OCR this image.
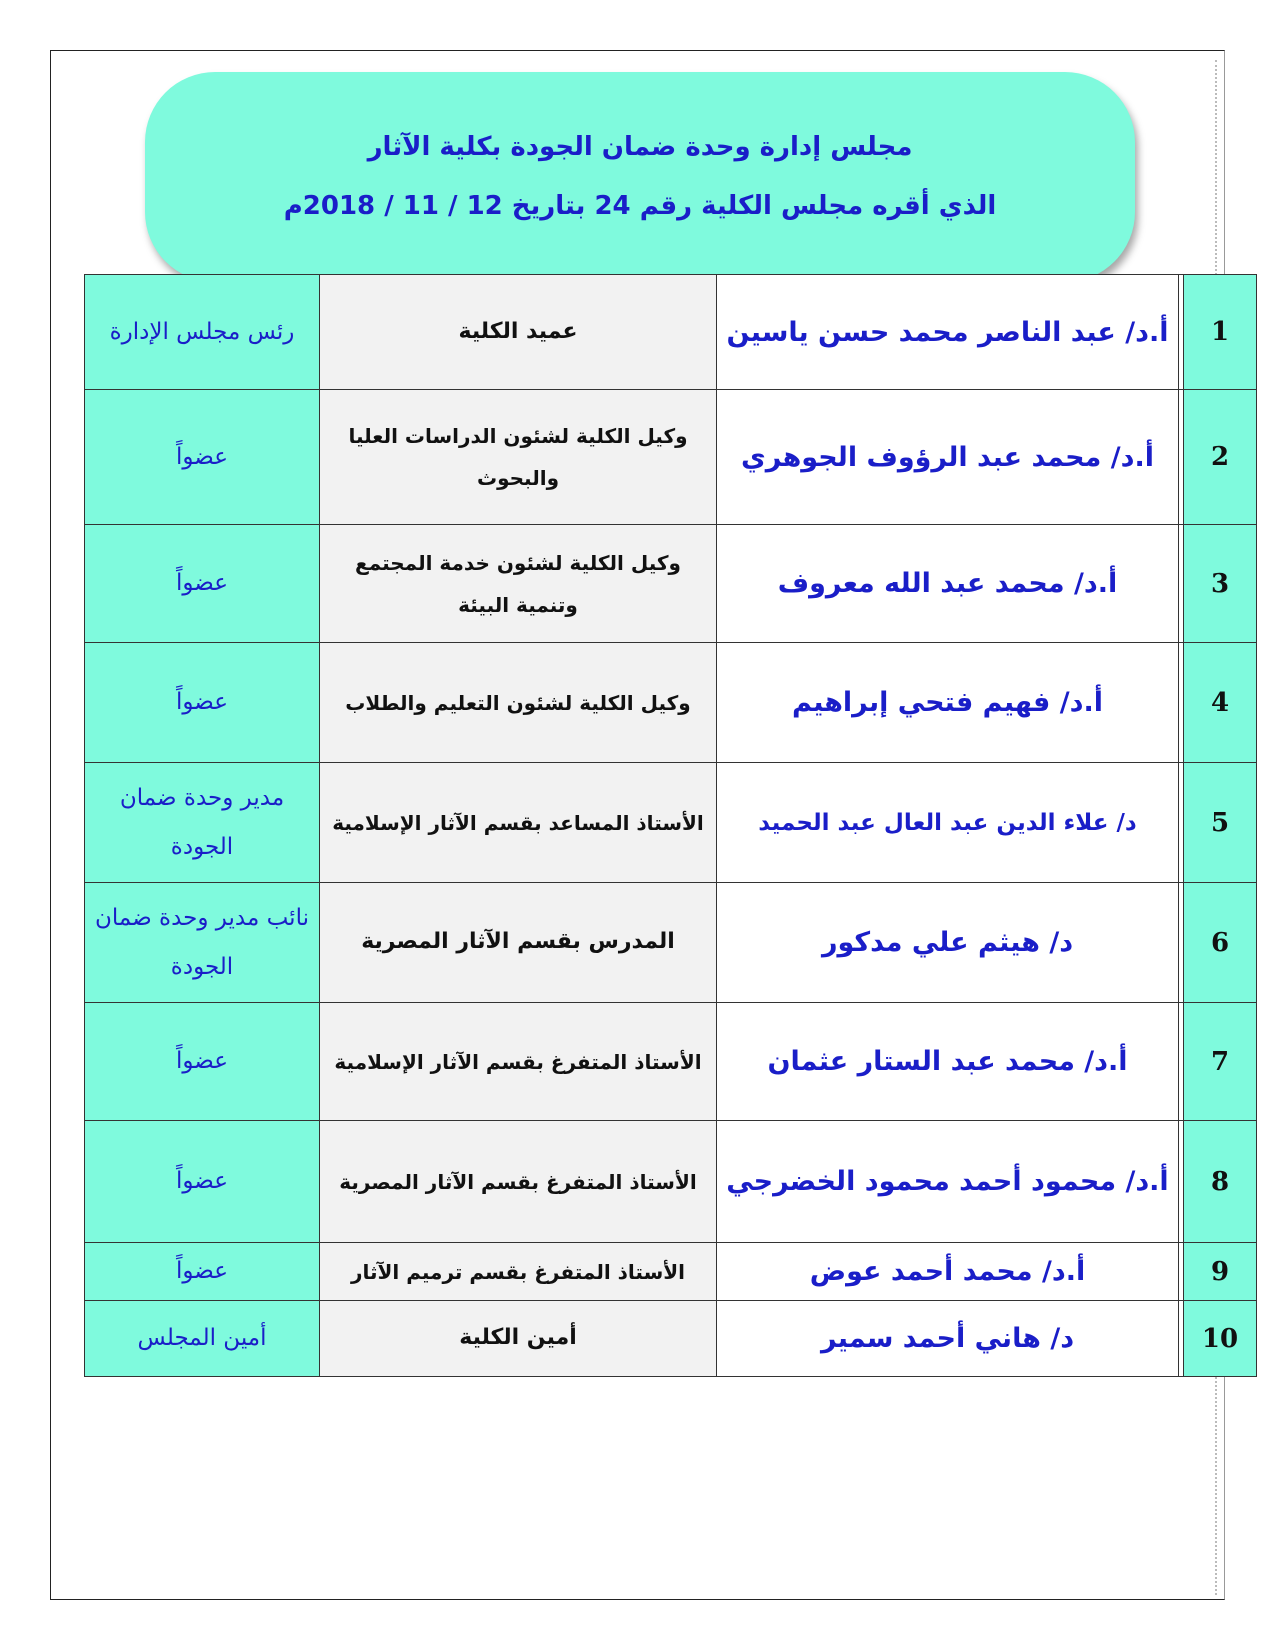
مجلس إدارة وحدة ضمان الجودة بكلية الآثار
الذي أقره مجلس الكلية رقم 24 بتاريخ 12 / 11 / 2018م
1		أ.د/ عبد الناصر محمد حسن ياسين	عميد الكلية	رئس مجلس الإدارة
2		أ.د/ محمد عبد الرؤوف الجوهري	وكيل الكلية لشئون الدراسات العليا والبحوث	عضواً
3		أ.د/ محمد عبد الله معروف	وكيل الكلية لشئون خدمة المجتمع وتنمية البيئة	عضواً
4		أ.د/ فهيم فتحي إبراهيم	وكيل الكلية لشئون التعليم والطلاب	عضواً
5		د/ علاء الدين عبد العال عبد الحميد	الأستاذ المساعد بقسم الآثار الإسلامية	مدير وحدة ضمان الجودة
6		د/ هيثم علي مدكور	المدرس بقسم الآثار المصرية	نائب مدير وحدة ضمان الجودة
7		أ.د/ محمد عبد الستار عثمان	الأستاذ المتفرغ بقسم الآثار الإسلامية	عضواً
8		أ.د/ محمود أحمد محمود الخضرجي	الأستاذ المتفرغ بقسم الآثار المصرية	عضواً
9		أ.د/ محمد أحمد عوض	الأستاذ المتفرغ بقسم ترميم الآثار	عضواً
10		د/ هاني أحمد سمير	أمين الكلية	أمين المجلس
